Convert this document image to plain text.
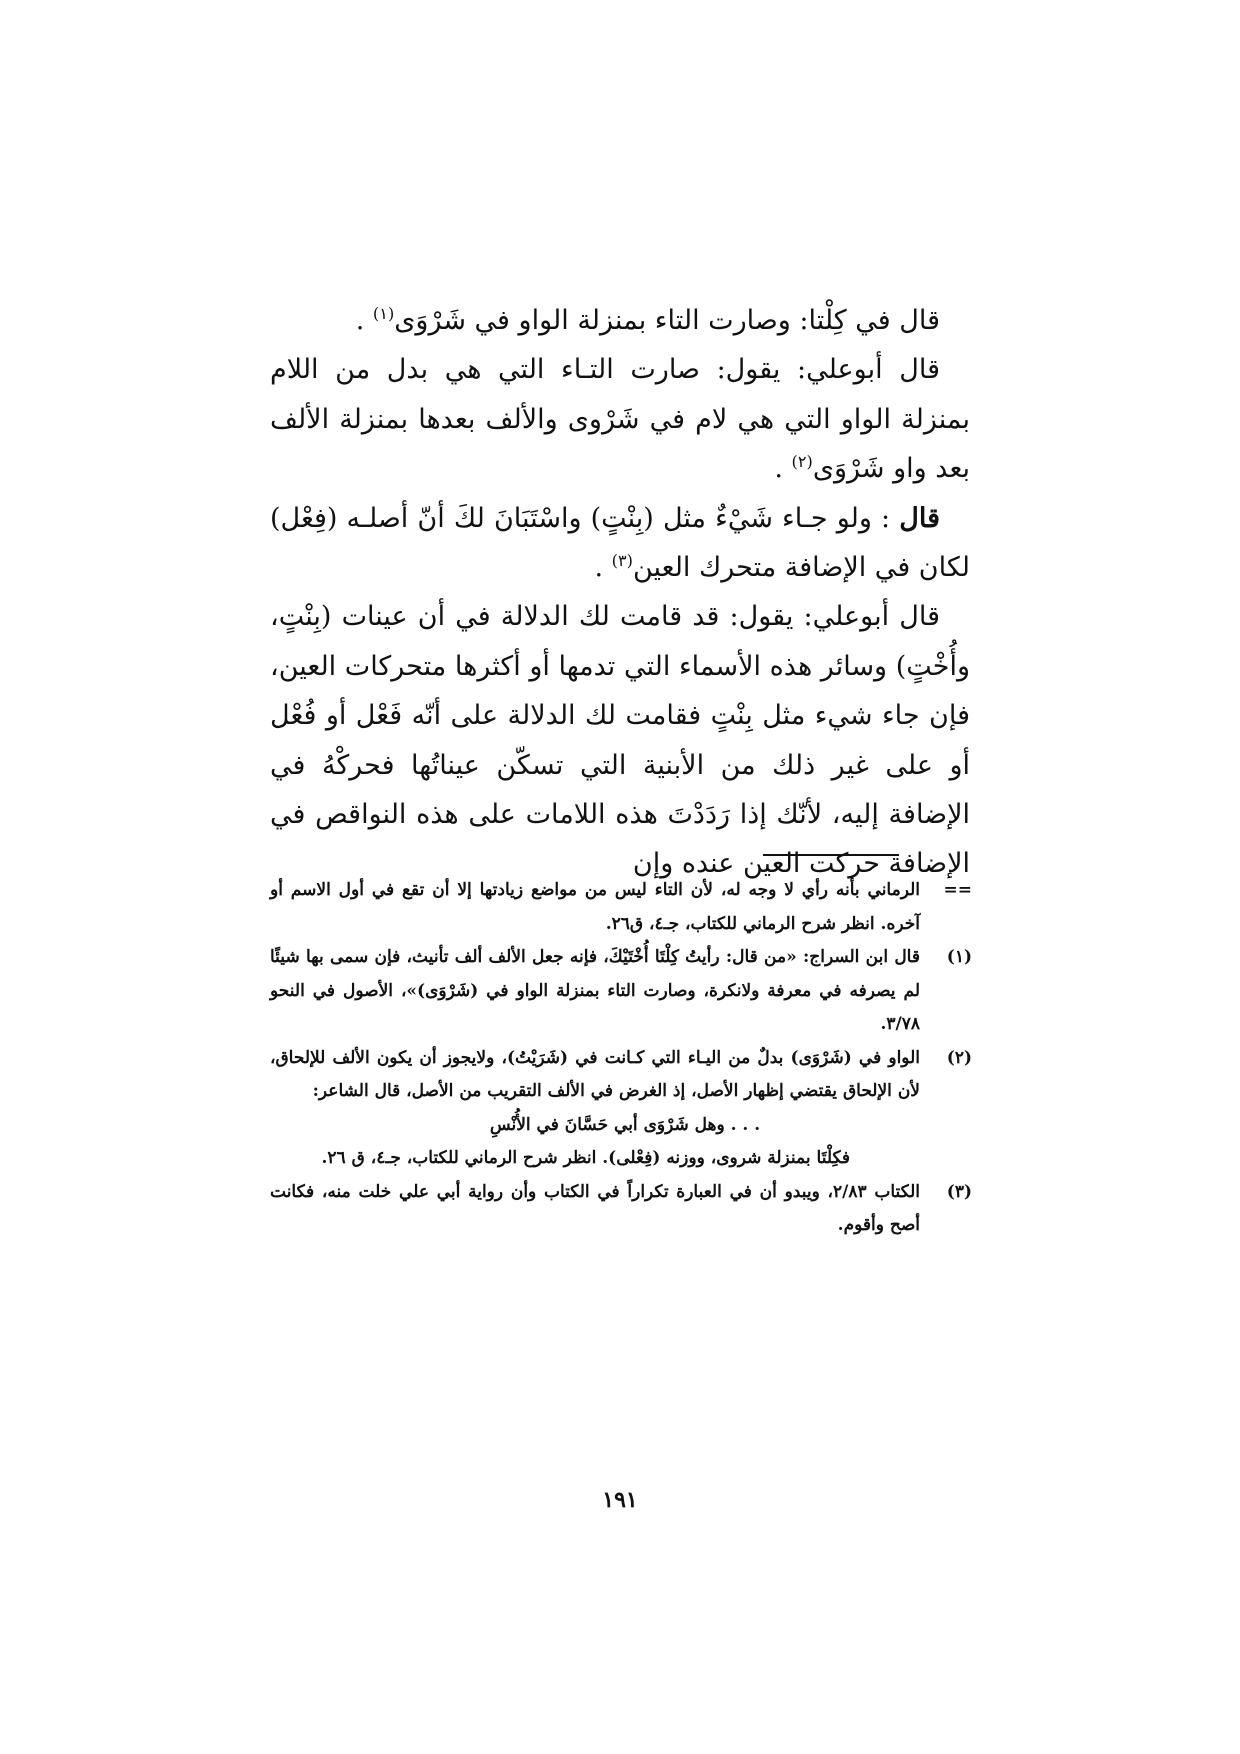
قال في كِلْتا: وصارت التاء بمنزلة الواو في شَرْوَى$^{(١)}$ .

قال أبوعلي: يقول: صارت التـاء التي هي بدل من اللام بمنزلة الواو التي هي لام في شَرْوى والألف بعدها بمنزلة الألف بعد واو شَرْوَى$^{(٢)}$ .

قال : ولو جـاء شَيْءٌ مثل (بِنْتٍ) واسْتَبَانَ لكَ أنّ أصلـه (فِعْل) لكان في الإضافة متحرك العين$^{(٣)}$ .

قال أبوعلي: يقول: قد قامت لك الدلالة في أن عينات (بِنْتٍ، وأُخْتٍ) وسائر هذه الأسماء التي تدمها أو أكثرها متحركات العين، فإن جاء شيء مثل بِنْتٍ فقامت لك الدلالة على أنّه فَعْل أو فُعْل أو على غير ذلك من الأبنية التي تسكّن عيناتُها فحركْهُ في الإضافة إليه، لأنّك إذا رَدَدْتَ هذه اللامات على هذه النواقص في الإضافة حركت العين عنده وإن

==
الرماني بأنه رأي لا وجه له، لأن التاء ليس من مواضع زيادتها إلا أن تقع في أول الاسم أو آخره. انظر شرح الرماني للكتاب، جـ٤، ق٢٦.

(١)
قال ابن السراج: «من قال: رأيتُ كِلْتَا أُخْتَيْكَ، فإنه جعل الألف ألف تأنيث، فإن سمى بها شيئًا لم يصرفه في معرفة ولانكرة، وصارت التاء بمنزلة الواو في (شَرْوَى)»، الأصول في النحو ٣/٧٨.

(٢)
الواو في (شَرْوَى) بدلٌ من اليـاء التي كـانت في (شَرَيْتُ)، ولايجوز أن يكون الألف للإلحاق، لأن الإلحاق يقتضي إظهار الأصل، إذ الغرض في الألف التقريب من الأصل، قال الشاعر:
. . . وهل شَرْوَى أبي حَسَّانَ في الأُنْسِ
فكِلْتَا بمنزلة شروى، ووزنه (فِعْلى). انظر شرح الرماني للكتاب، جـ٤، ق ٢٦.

(٣)
الكتاب ٢/٨٣، ويبدو أن في العبارة تكراراً في الكتاب وأن رواية أبي علي خلت منه، فكانت أصح وأقوم.

١٩١
